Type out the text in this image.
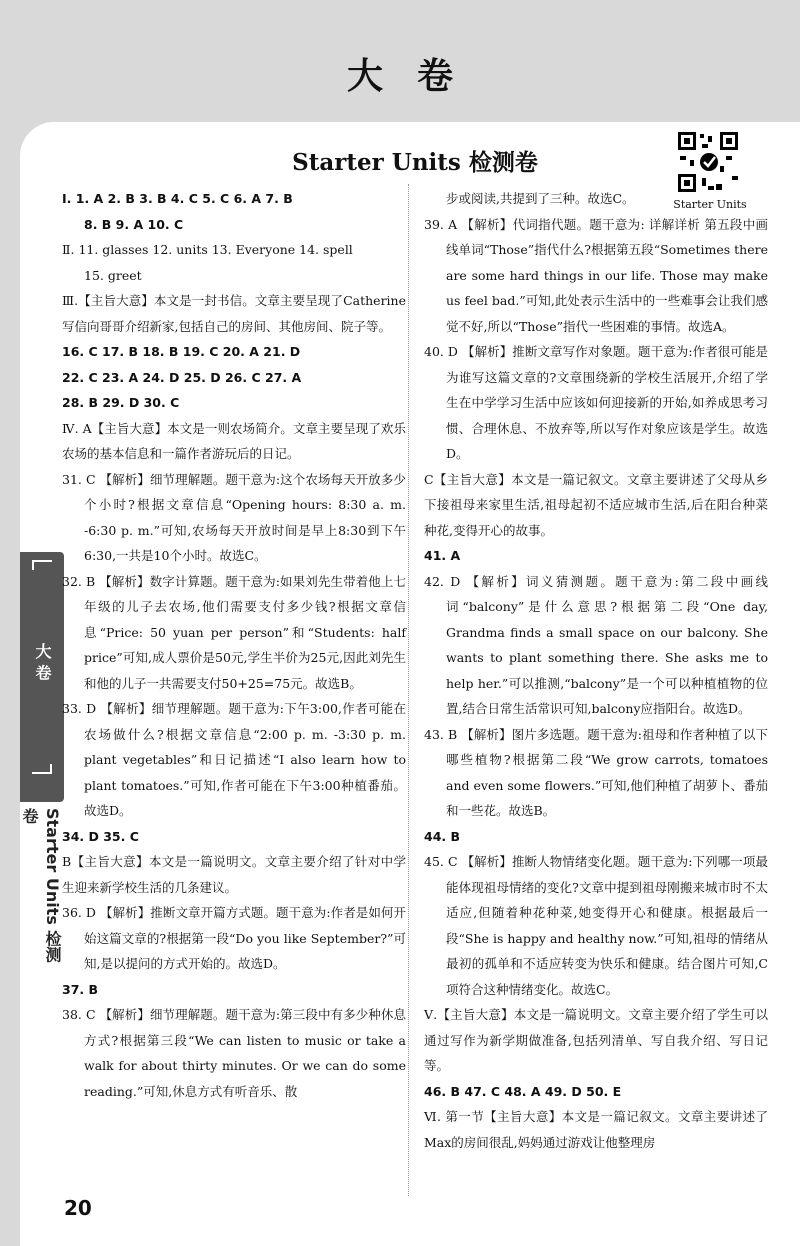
大卷
Starter Units 检测卷
Starter Units
大 卷
Starter Units 检测卷
Ⅰ. 1. A 2. B 3. B 4. C 5. C 6. A 7. B
8. B 9. A 10. C
Ⅱ. 11. glasses 12. units 13. Everyone 14. spell
15. greet
Ⅲ.【主旨大意】本文是一封书信。文章主要呈现了Catherine写信向哥哥介绍新家,包括自己的房间、其他房间、院子等。
16. C 17. B 18. B 19. C 20. A 21. D
22. C 23. A 24. D 25. D 26. C 27. A
28. B 29. D 30. C
Ⅳ. A【主旨大意】本文是一则农场简介。文章主要呈现了欢乐农场的基本信息和一篇作者游玩后的日记。
31. C 【解析】细节理解题。题干意为:这个农场每天开放多少个小时?根据文章信息“Opening hours: 8:30 a. m. -6:30 p. m.”可知,农场每天开放时间是早上8:30到下午6:30,一共是10个小时。故选C。
32. B 【解析】数字计算题。题干意为:如果刘先生带着他上七年级的儿子去农场,他们需要支付多少钱?根据文章信息“Price: 50 yuan per person”和“Students: half price”可知,成人票价是50元,学生半价为25元,因此刘先生和他的儿子一共需要支付50+25=75元。故选B。
33. D 【解析】细节理解题。题干意为:下午3:00,作者可能在农场做什么?根据文章信息“2:00 p. m. -3:30 p. m. plant vegetables”和日记描述“I also learn how to plant tomatoes.”可知,作者可能在下午3:00种植番茄。故选D。
34. D 35. C
B【主旨大意】本文是一篇说明文。文章主要介绍了针对中学生迎来新学校生活的几条建议。
36. D 【解析】推断文章开篇方式题。题干意为:作者是如何开始这篇文章的?根据第一段“Do you like September?”可知,是以提问的方式开始的。故选D。
37. B
38. C 【解析】细节理解题。题干意为:第三段中有多少种休息方式?根据第三段“We can listen to music or take a walk for about thirty minutes. Or we can do some reading.”可知,休息方式有听音乐、散
步或阅读,共提到了三种。故选C。
39. A 【解析】代词指代题。题干意为: 详解详析 第五段中画线单词“Those”指代什么?根据第五段“Sometimes there are some hard things in our life. Those may make us feel bad.”可知,此处表示生活中的一些难事会让我们感觉不好,所以“Those”指代一些困难的事情。故选A。
40. D 【解析】推断文章写作对象题。题干意为:作者很可能是为谁写这篇文章的?文章围绕新的学校生活展开,介绍了学生在中学学习生活中应该如何迎接新的开始,如养成思考习惯、合理休息、不放弃等,所以写作对象应该是学生。故选D。
C【主旨大意】本文是一篇记叙文。文章主要讲述了父母从乡下接祖母来家里生活,祖母起初不适应城市生活,后在阳台种菜种花,变得开心的故事。
41. A
42. D 【解析】词义猜测题。题干意为:第二段中画线词“balcony”是什么意思?根据第二段“One day, Grandma finds a small space on our balcony. She wants to plant something there. She asks me to help her.”可以推测,“balcony”是一个可以种植植物的位置,结合日常生活常识可知,balcony应指阳台。故选D。
43. B 【解析】图片多选题。题干意为:祖母和作者种植了以下哪些植物?根据第二段“We grow carrots, tomatoes and even some flowers.”可知,他们种植了胡萝卜、番茄和一些花。故选B。
44. B
45. C 【解析】推断人物情绪变化题。题干意为:下列哪一项最能体现祖母情绪的变化?文章中提到祖母刚搬来城市时不太适应,但随着种花种菜,她变得开心和健康。根据最后一段“She is happy and healthy now.”可知,祖母的情绪从最初的孤单和不适应转变为快乐和健康。结合图片可知,C项符合这种情绪变化。故选C。
Ⅴ.【主旨大意】本文是一篇说明文。文章主要介绍了学生可以通过写作为新学期做准备,包括列清单、写自我介绍、写日记等。
46. B 47. C 48. A 49. D 50. E
Ⅵ. 第一节【主旨大意】本文是一篇记叙文。文章主要讲述了Max的房间很乱,妈妈通过游戏让他整理房
20
